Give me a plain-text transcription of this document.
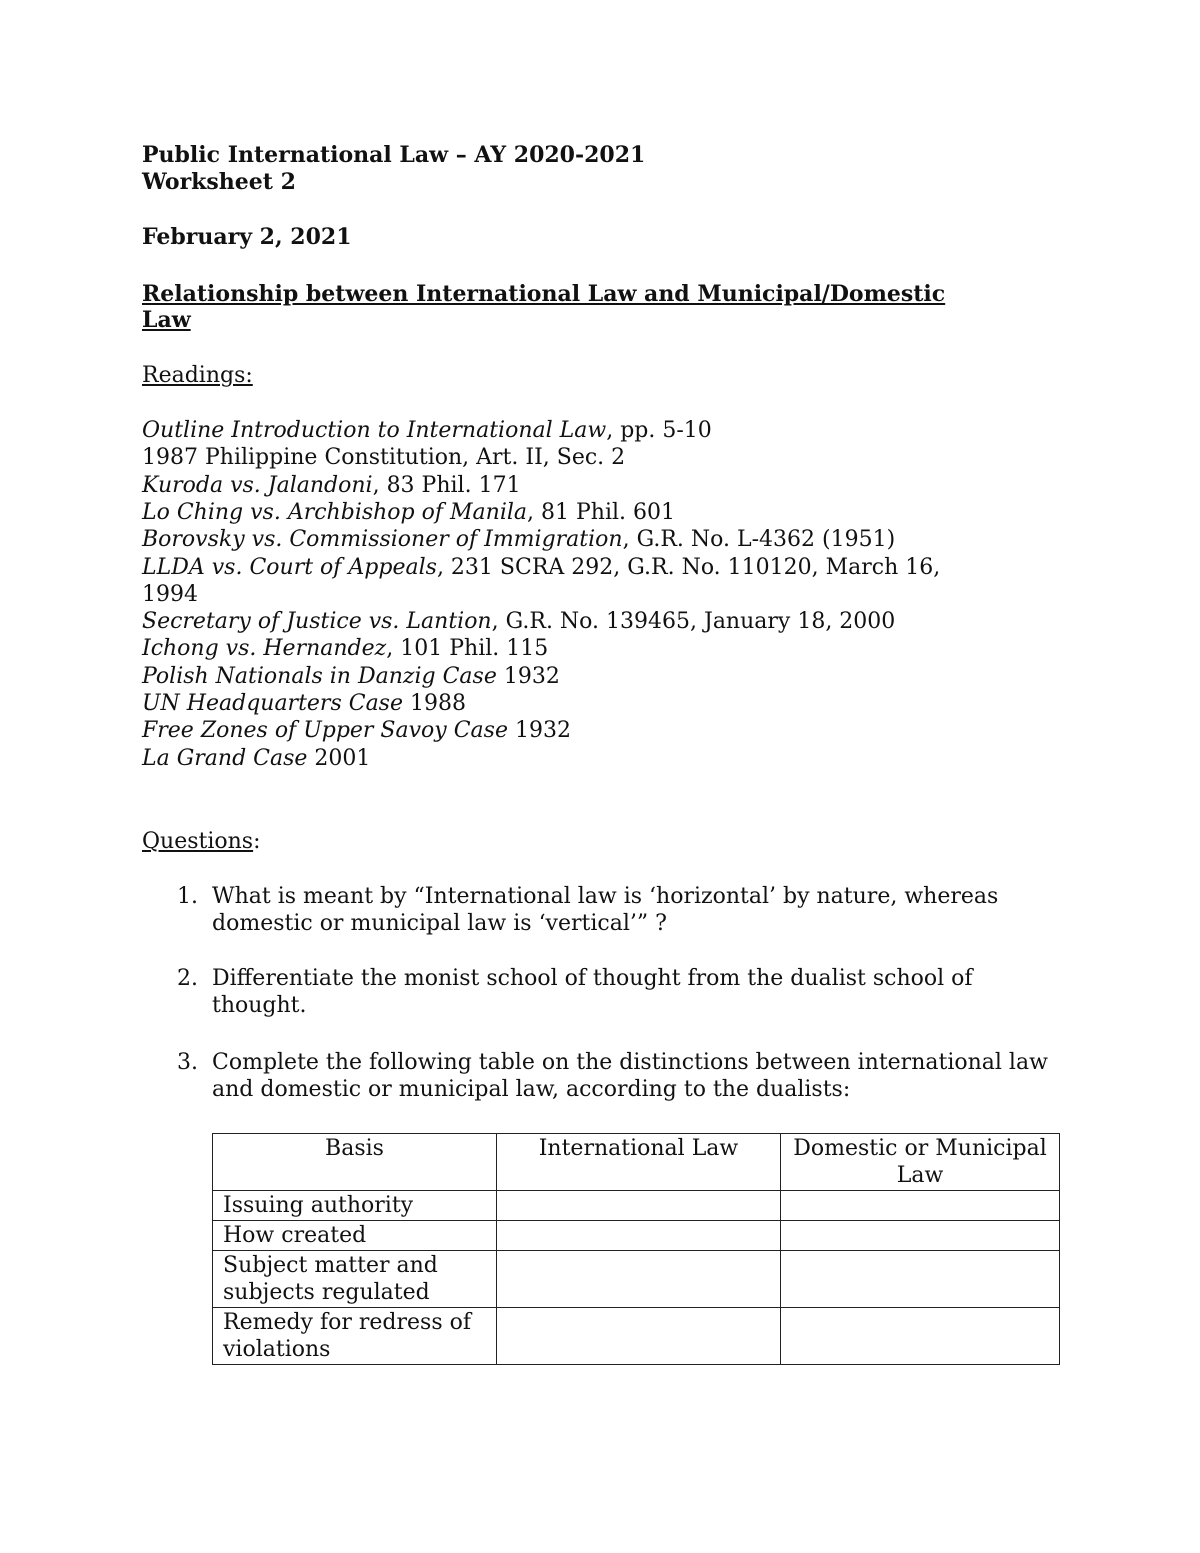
Public International Law – AY 2020-2021
Worksheet 2
February 2, 2021
Relationship between International Law and Municipal/Domestic
Law
Readings:
Outline Introduction to International Law, pp. 5-10
1987 Philippine Constitution, Art. II, Sec. 2
Kuroda vs. Jalandoni, 83 Phil. 171
Lo Ching vs. Archbishop of Manila, 81 Phil. 601
Borovsky vs. Commissioner of Immigration, G.R. No. L-4362 (1951)
LLDA vs. Court of Appeals, 231 SCRA 292, G.R. No. 110120, March 16,
1994
Secretary of Justice vs. Lantion, G.R. No. 139465, January 18, 2000
Ichong vs. Hernandez, 101 Phil. 115
Polish Nationals in Danzig Case 1932
UN Headquarters Case 1988
Free Zones of Upper Savoy Case 1932
La Grand Case 2001
Questions:
1. What is meant by “International law is ‘horizontal’ by nature, whereas domestic or municipal law is ‘vertical’” ?
2. Differentiate the monist school of thought from the dualist school of thought.
3. Complete the following table on the distinctions between international law and domestic or municipal law, according to the dualists:
Basis	International Law	Domestic or Municipal Law
Issuing authority		
How created		
Subject matter and subjects regulated		
Remedy for redress of violations		
